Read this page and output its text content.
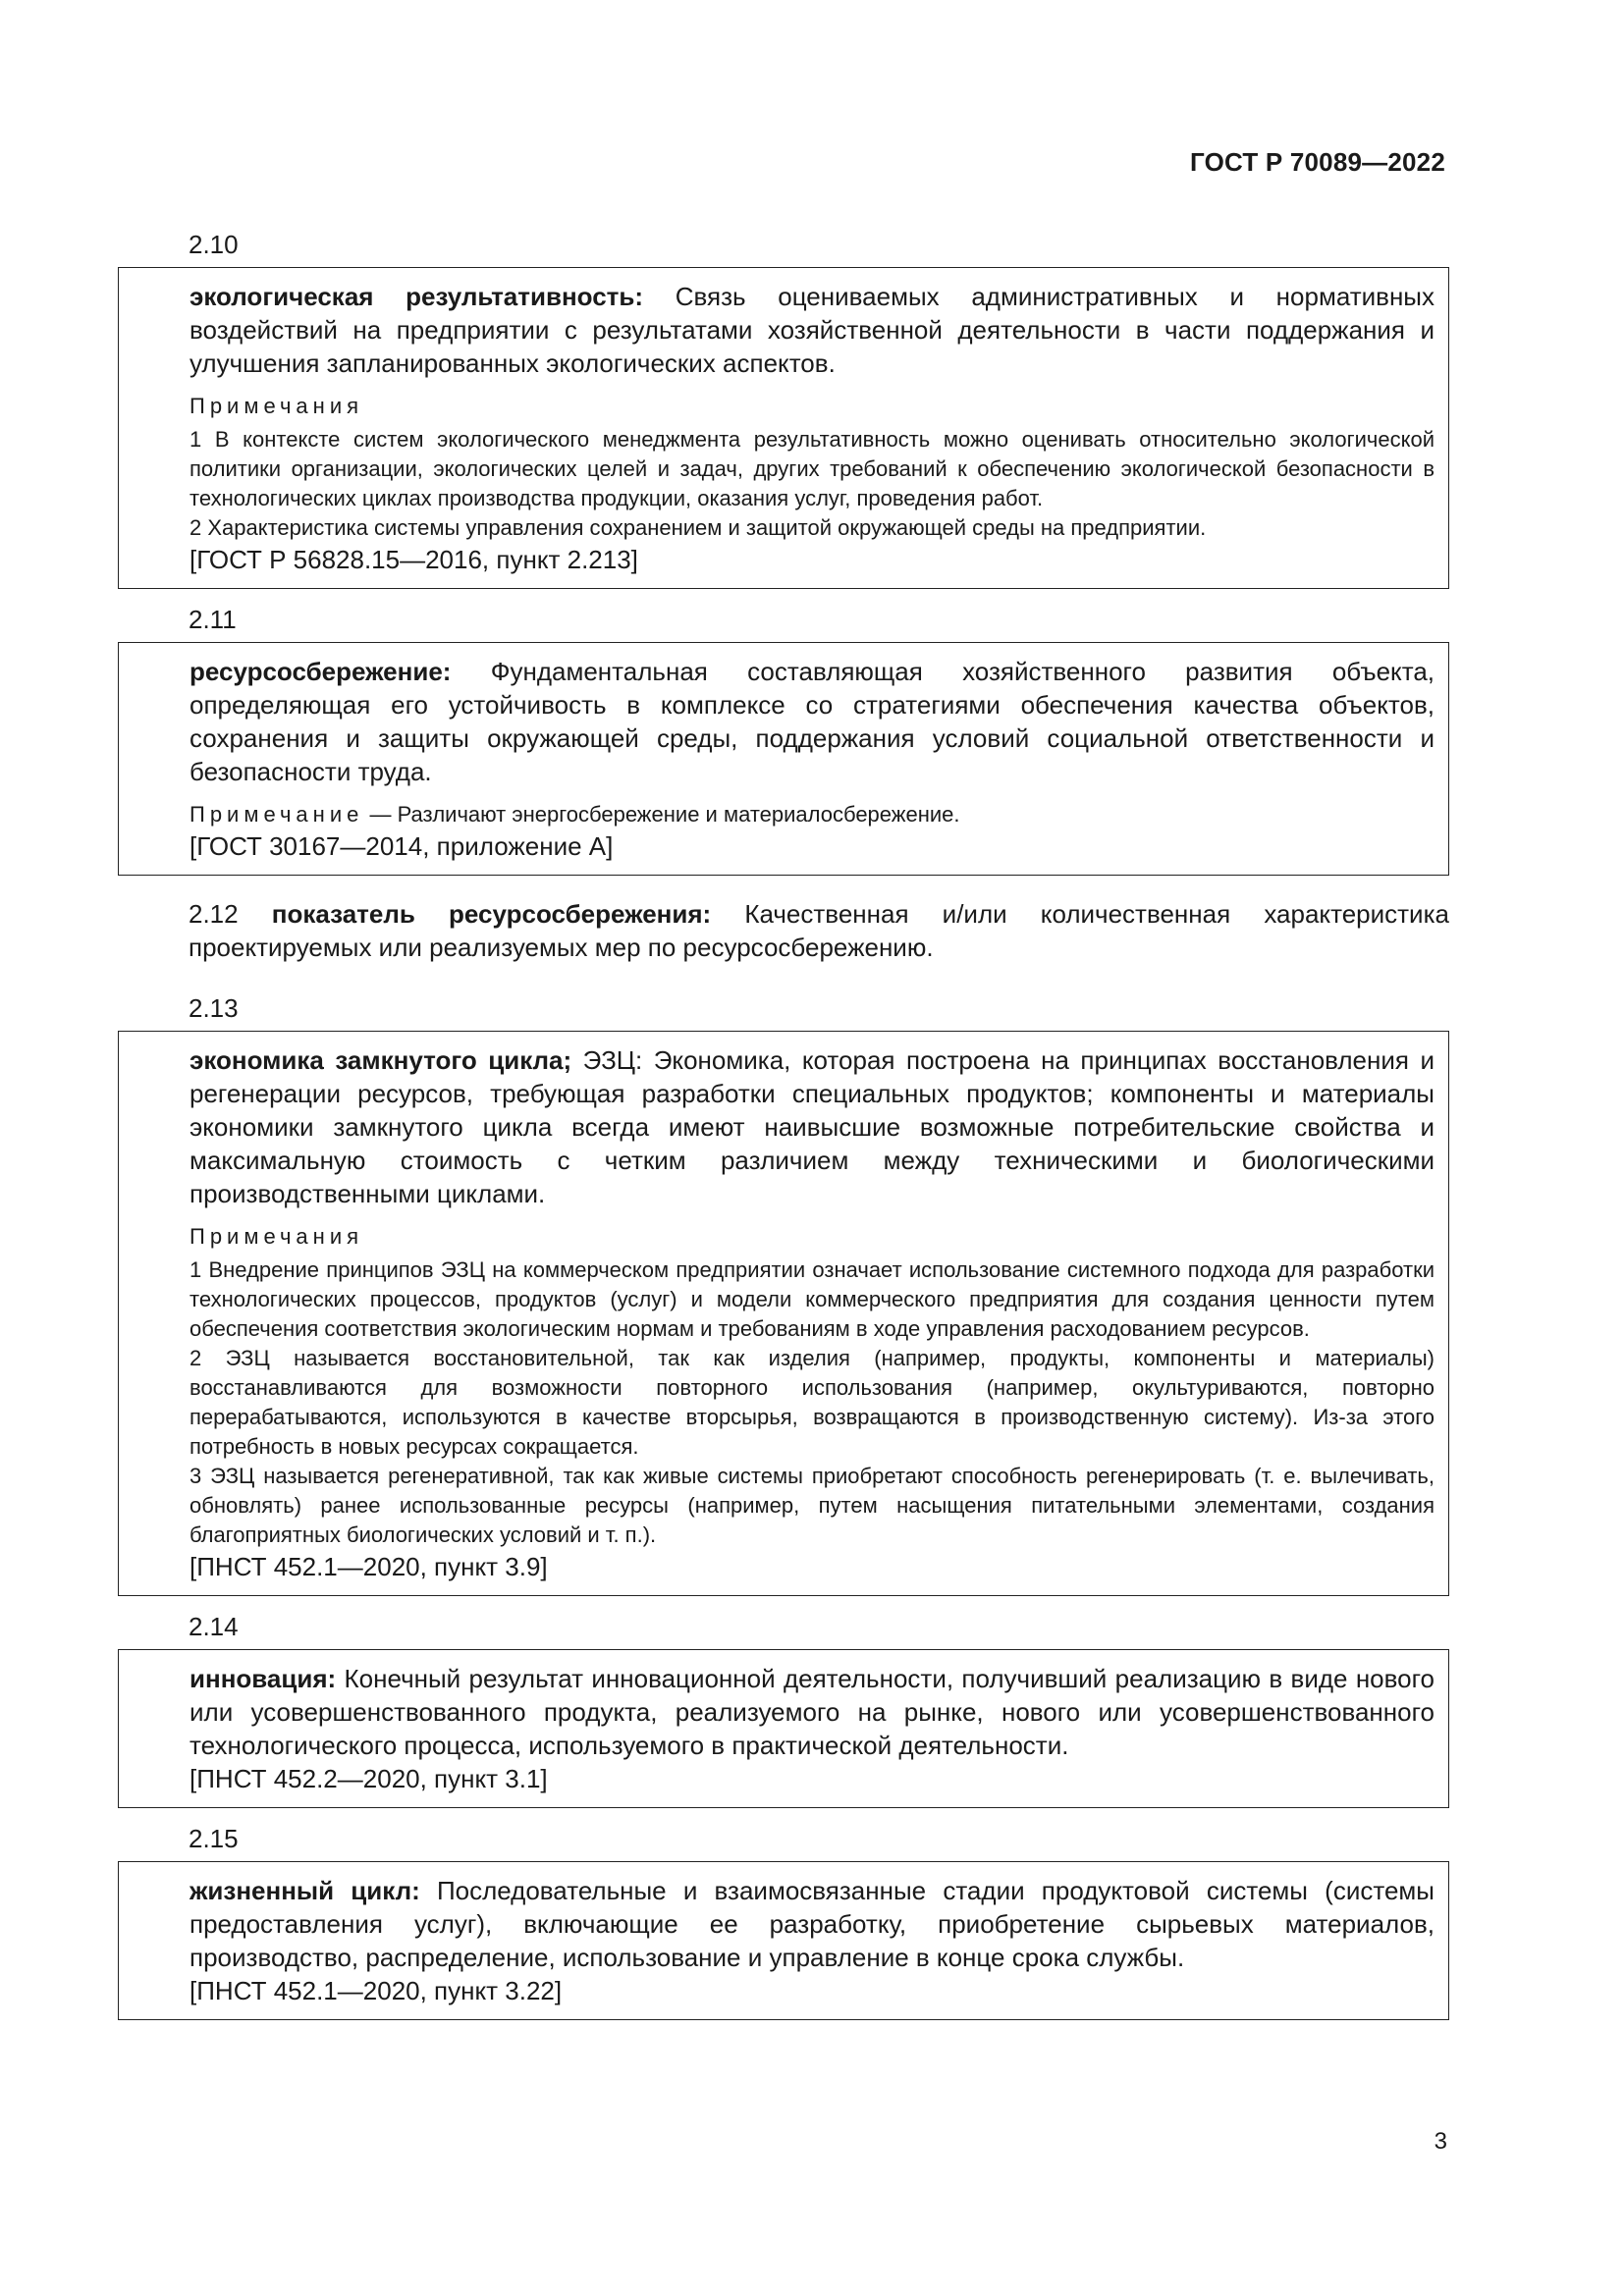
ГОСТ Р 70089—2022
2.10

экологическая результативность: Связь оцениваемых административных и нормативных воздействий на предприятии с результатами хозяйственной деятельности в части поддержания и улучшения запланированных экологических аспектов.

Примечания

1 В контексте систем экологического менеджмента результативность можно оценивать относительно экологической политики организации, экологических целей и задач, других требований к обеспечению экологической безопасности в технологических циклах производства продукции, оказания услуг, проведения работ.

2 Характеристика системы управления сохранением и защитой окружающей среды на предприятии.

[ГОСТ Р 56828.15—2016, пункт 2.213]

2.11

ресурсосбережение: Фундаментальная составляющая хозяйственного развития объекта, определяющая его устойчивость в комплексе со стратегиями обеспечения качества объектов, сохранения и защиты окружающей среды, поддержания условий социальной ответственности и безопасности труда.

Примечание — Различают энергосбережение и материалосбережение.

[ГОСТ 30167—2014, приложение А]

2.12 показатель ресурсосбережения: Качественная и/или количественная характеристика проектируемых или реализуемых мер по ресурсосбережению.

2.13

экономика замкнутого цикла; ЭЗЦ: Экономика, которая построена на принципах восстановления и регенерации ресурсов, требующая разработки специальных продуктов; компоненты и материалы экономики замкнутого цикла всегда имеют наивысшие возможные потребительские свойства и максимальную стоимость с четким различием между техническими и биологическими производственными циклами.

Примечания

1 Внедрение принципов ЭЗЦ на коммерческом предприятии означает использование системного подхода для разработки технологических процессов, продуктов (услуг) и модели коммерческого предприятия для создания ценности путем обеспечения соответствия экологическим нормам и требованиям в ходе управления расходованием ресурсов.

2 ЭЗЦ называется восстановительной, так как изделия (например, продукты, компоненты и материалы) восстанавливаются для возможности повторного использования (например, окультуриваются, повторно перерабатываются, используются в качестве вторсырья, возвращаются в производственную систему). Из-за этого потребность в новых ресурсах сокращается.

3 ЭЗЦ называется регенеративной, так как живые системы приобретают способность регенерировать (т. е. вылечивать, обновлять) ранее использованные ресурсы (например, путем насыщения питательными элементами, создания благоприятных биологических условий и т. п.).

[ПНСТ 452.1—2020, пункт 3.9]

2.14

инновация: Конечный результат инновационной деятельности, получивший реализацию в виде нового или усовершенствованного продукта, реализуемого на рынке, нового или усовершенствованного технологического процесса, используемого в практической деятельности.

[ПНСТ 452.2—2020, пункт 3.1]

2.15

жизненный цикл: Последовательные и взаимосвязанные стадии продуктовой системы (системы предоставления услуг), включающие ее разработку, приобретение сырьевых материалов, производство, распределение, использование и управление в конце срока службы.

[ПНСТ 452.1—2020, пункт 3.22]

3
